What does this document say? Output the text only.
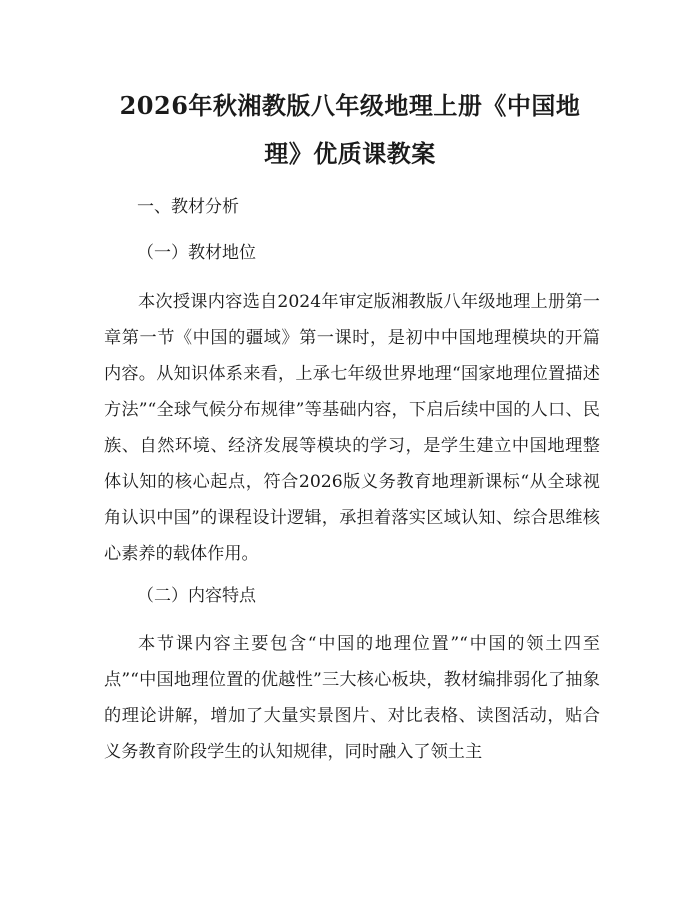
2026年秋湘教版八年级地理上册《中国地
理》优质课教案
一、教材分析
（一）教材地位

本次授课内容选自2024年审定版湘教版八年级地理上册第一章第一节《中国的疆域》第一课时，是初中中国地理模块的开篇内容。从知识体系来看，上承七年级世界地理“国家地理位置描述方法”“全球气候分布规律”等基础内容，下启后续中国的人口、民族、自然环境、经济发展等模块的学习，是学生建立中国地理整体认知的核心起点，符合2026版义务教育地理新课标“从全球视角认识中国”的课程设计逻辑，承担着落实区域认知、综合思维核心素养的载体作用。

（二）内容特点

本节课内容主要包含“中国的地理位置”“中国的领土四至点”“中国地理位置的优越性”三大核心板块，教材编排弱化了抽象的理论讲解，增加了大量实景图片、对比表格、读图活动，贴合义务教育阶段学生的认知规律，同时融入了领土主
